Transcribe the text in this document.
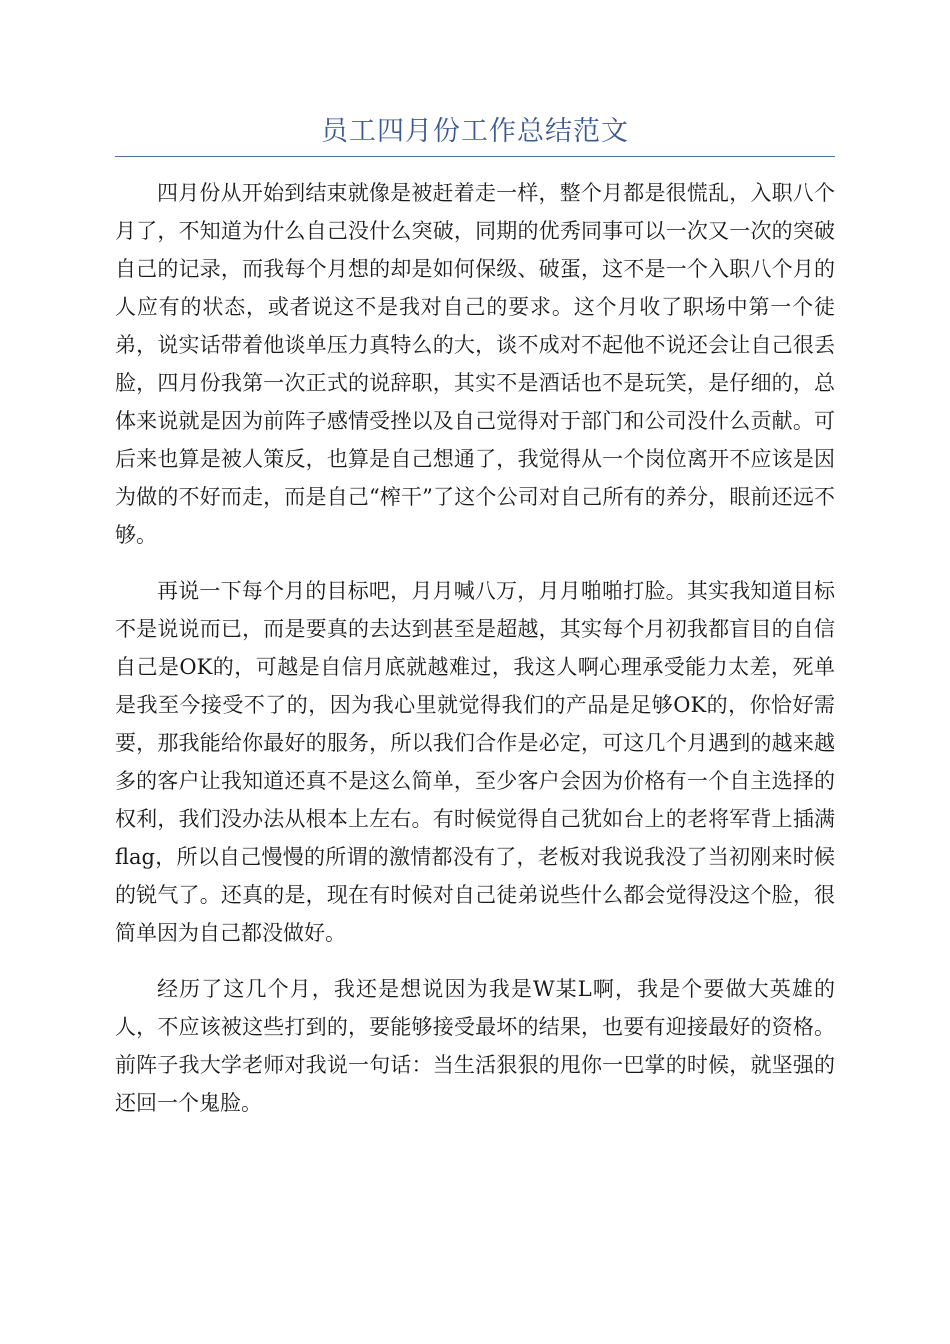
员工四月份工作总结范文

四月份从开始到结束就像是被赶着走一样，整个月都是很慌乱，入职八个月了，不知道为什么自己没什么突破，同期的优秀同事可以一次又一次的突破自己的记录，而我每个月想的却是如何保级、破蛋，这不是一个入职八个月的人应有的状态，或者说这不是我对自己的要求。这个月收了职场中第一个徒弟，说实话带着他谈单压力真特么的大，谈不成对不起他不说还会让自己很丢脸，四月份我第一次正式的说辞职，其实不是酒话也不是玩笑，是仔细的，总体来说就是因为前阵子感情受挫以及自己觉得对于部门和公司没什么贡献。可后来也算是被人策反，也算是自己想通了，我觉得从一个岗位离开不应该是因为做的不好而走，而是自己“榨干”了这个公司对自己所有的养分，眼前还远不够。

再说一下每个月的目标吧，月月喊八万，月月啪啪打脸。其实我知道目标不是说说而已，而是要真的去达到甚至是超越，其实每个月初我都盲目的自信自己是OK的，可越是自信月底就越难过，我这人啊心理承受能力太差，死单是我至今接受不了的，因为我心里就觉得我们的产品是足够OK的，你恰好需要，那我能给你最好的服务，所以我们合作是必定，可这几个月遇到的越来越多的客户让我知道还真不是这么简单，至少客户会因为价格有一个自主选择的权利，我们没办法从根本上左右。有时候觉得自己犹如台上的老将军背上插满flag，所以自己慢慢的所谓的激情都没有了，老板对我说我没了当初刚来时候的锐气了。还真的是，现在有时候对自己徒弟说些什么都会觉得没这个脸，很简单因为自己都没做好。

经历了这几个月，我还是想说因为我是W某L啊，我是个要做大英雄的人，不应该被这些打到的，要能够接受最坏的结果，也要有迎接最好的资格。前阵子我大学老师对我说一句话：当生活狠狠的甩你一巴掌的时候，就坚强的还回一个鬼脸。
